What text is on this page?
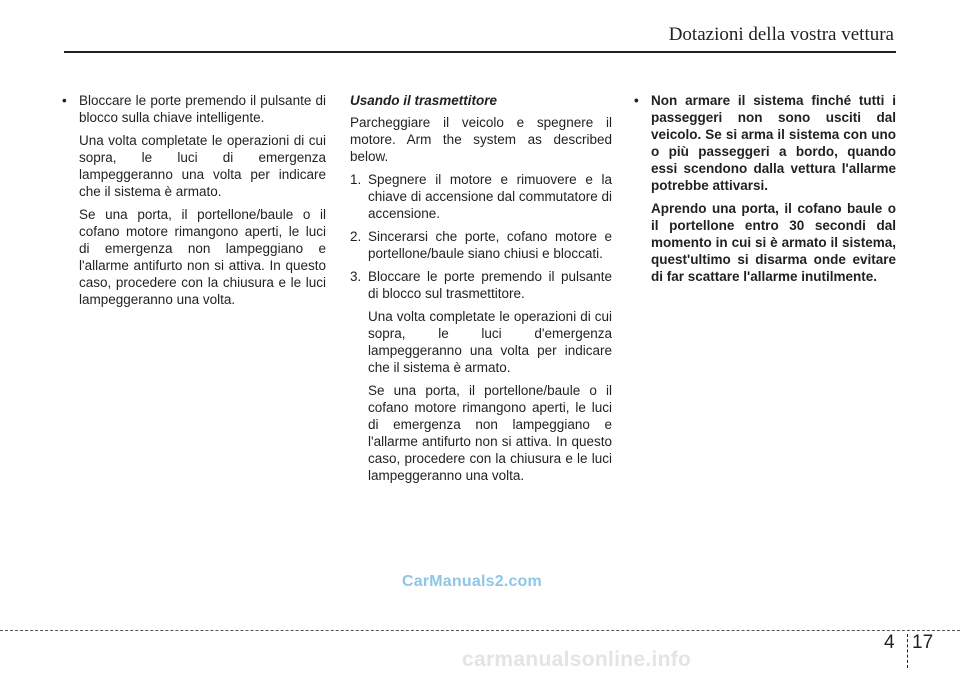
Dotazioni della vostra vettura
• Bloccare le porte premendo il pulsante di blocco sulla chiave intelligente.
Una volta completate le operazioni di cui sopra, le luci di emergenza lampeggeranno una volta per indicare che il sistema è armato.
Se una porta, il portellone/baule o il cofano motore rimangono aperti, le luci di emergenza non lampeggiano e l'allarme antifurto non si attiva. In questo caso, procedere con la chiusura e le luci lampeggeranno una volta.
Usando il trasmettitore
Parcheggiare il veicolo e spegnere il motore. Arm the system as described below.
1. Spegnere il motore e rimuovere e la chiave di accensione dal commutatore di accensione.
2. Sincerarsi che porte, cofano motore e portellone/baule siano chiusi e bloccati.
3. Bloccare le porte premendo il pulsante di blocco sul trasmettitore.
Una volta completate le operazioni di cui sopra, le luci d'emergenza lampeggeranno una volta per indicare che il sistema è armato.
Se una porta, il portellone/baule o il cofano motore rimangono aperti, le luci di emergenza non lampeggiano e l'allarme antifurto non si attiva. In questo caso, procedere con la chiusura e le luci lampeggeranno una volta.
• Non armare il sistema finché tutti i passeggeri non sono usciti dal veicolo. Se si arma il sistema con uno o più passeggeri a bordo, quando essi scendono dalla vettura l'allarme potrebbe attivarsi.
Aprendo una porta, il cofano baule o il portellone entro 30 secondi dal momento in cui si è armato il sistema, quest'ultimo si disarma onde evitare di far scattare l'allarme inutilmente.
CarManuals2.com
4 17
carmanualsonline.info
